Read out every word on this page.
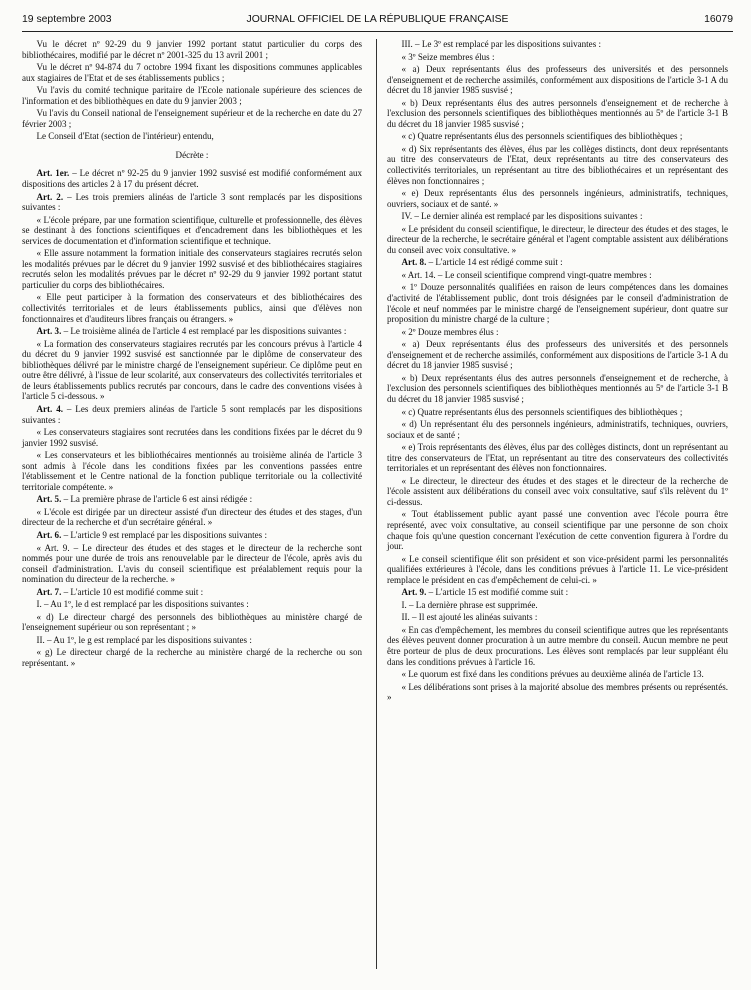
19 septembre 2003	JOURNAL OFFICIEL DE LA RÉPUBLIQUE FRANÇAISE	16079

Vu le décret nº 92-29 du 9 janvier 1992 portant statut particulier du corps des bibliothécaires, modifié par le décret nº 2001-325 du 13 avril 2001 ;

Vu le décret nº 94-874 du 7 octobre 1994 fixant les dispositions communes applicables aux stagiaires de l'Etat et de ses établissements publics ;

Vu l'avis du comité technique paritaire de l'Ecole nationale supérieure des sciences de l'information et des bibliothèques en date du 9 janvier 2003 ;

Vu l'avis du Conseil national de l'enseignement supérieur et de la recherche en date du 27 février 2003 ;

Le Conseil d'Etat (section de l'intérieur) entendu,

Décrète :

Art. 1er. – Le décret nº 92-25 du 9 janvier 1992 susvisé est modifié conformément aux dispositions des articles 2 à 17 du présent décret.

Art. 2. – Les trois premiers alinéas de l'article 3 sont remplacés par les dispositions suivantes :

« L'école prépare, par une formation scientifique, culturelle et professionnelle, des élèves se destinant à des fonctions scientifiques et d'encadrement dans les bibliothèques et les services de documentation et d'information scientifique et technique.

« Elle assure notamment la formation initiale des conservateurs stagiaires recrutés selon les modalités prévues par le décret du 9 janvier 1992 susvisé et des bibliothécaires stagiaires recrutés selon les modalités prévues par le décret nº 92-29 du 9 janvier 1992 portant statut particulier du corps des bibliothécaires.

« Elle peut participer à la formation des conservateurs et des bibliothécaires des collectivités territoriales et de leurs établissements publics, ainsi que d'élèves non fonctionnaires et d'auditeurs libres français ou étrangers. »

Art. 3. – Le troisième alinéa de l'article 4 est remplacé par les dispositions suivantes :

« La formation des conservateurs stagiaires recrutés par les concours prévus à l'article 4 du décret du 9 janvier 1992 susvisé est sanctionnée par le diplôme de conservateur des bibliothèques délivré par le ministre chargé de l'enseignement supérieur. Ce diplôme peut en outre être délivré, à l'issue de leur scolarité, aux conservateurs des collectivités territoriales et de leurs établissements publics recrutés par concours, dans le cadre des conventions visées à l'article 5 ci-dessous. »

Art. 4. – Les deux premiers alinéas de l'article 5 sont remplacés par les dispositions suivantes :

« Les conservateurs stagiaires sont recrutées dans les conditions fixées par le décret du 9 janvier 1992 susvisé.

« Les conservateurs et les bibliothécaires mentionnés au troisième alinéa de l'article 3 sont admis à l'école dans les conditions fixées par les conventions passées entre l'établissement et le Centre national de la fonction publique territoriale ou la collectivité territoriale compétente. »

Art. 5. – La première phrase de l'article 6 est ainsi rédigée :

« L'école est dirigée par un directeur assisté d'un directeur des études et des stages, d'un directeur de la recherche et d'un secrétaire général. »

Art. 6. – L'article 9 est remplacé par les dispositions suivantes :

« Art. 9. – Le directeur des études et des stages et le directeur de la recherche sont nommés pour une durée de trois ans renouvelable par le directeur de l'école, après avis du conseil d'administration. L'avis du conseil scientifique est préalablement requis pour la nomination du directeur de la recherche. »

Art. 7. – L'article 10 est modifié comme suit :

I. – Au 1º, le d est remplacé par les dispositions suivantes :

« d) Le directeur chargé des personnels des bibliothèques au ministère chargé de l'enseignement supérieur ou son représentant ; »

II. – Au 1º, le g est remplacé par les dispositions suivantes :

« g) Le directeur chargé de la recherche au ministère chargé de la recherche ou son représentant. »

III. – Le 3º est remplacé par les dispositions suivantes :

« 3º Seize membres élus :

« a) Deux représentants élus des professeurs des universités et des personnels d'enseignement et de recherche assimilés, conformément aux dispositions de l'article 3-1 A du décret du 18 janvier 1985 susvisé ;

« b) Deux représentants élus des autres personnels d'enseignement et de recherche à l'exclusion des personnels scientifiques des bibliothèques mentionnés au 5º de l'article 3-1 B du décret du 18 janvier 1985 susvisé ;

« c) Quatre représentants élus des personnels scientifiques des bibliothèques ;

« d) Six représentants des élèves, élus par les collèges distincts, dont deux représentants au titre des conservateurs de l'Etat, deux représentants au titre des conservateurs des collectivités territoriales, un représentant au titre des bibliothécaires et un représentant des élèves non fonctionnaires ;

« e) Deux représentants élus des personnels ingénieurs, administratifs, techniques, ouvriers, sociaux et de santé. »

IV. – Le dernier alinéa est remplacé par les dispositions suivantes :

« Le président du conseil scientifique, le directeur, le directeur des études et des stages, le directeur de la recherche, le secrétaire général et l'agent comptable assistent aux délibérations du conseil avec voix consultative. »

Art. 8. – L'article 14 est rédigé comme suit :

« Art. 14. – Le conseil scientifique comprend vingt-quatre membres :

« 1º Douze personnalités qualifiées en raison de leurs compétences dans les domaines d'activité de l'établissement public, dont trois désignées par le conseil d'administration de l'école et neuf nommées par le ministre chargé de l'enseignement supérieur, dont quatre sur proposition du ministre chargé de la culture ;

« 2º Douze membres élus :

« a) Deux représentants élus des professeurs des universités et des personnels d'enseignement et de recherche assimilés, conformément aux dispositions de l'article 3-1 A du décret du 18 janvier 1985 susvisé ;

« b) Deux représentants élus des autres personnels d'enseignement et de recherche, à l'exclusion des personnels scientifiques des bibliothèques mentionnés au 5º de l'article 3-1 B du décret du 18 janvier 1985 susvisé ;

« c) Quatre représentants élus des personnels scientifiques des bibliothèques ;

« d) Un représentant élu des personnels ingénieurs, administratifs, techniques, ouvriers, sociaux et de santé ;

« e) Trois représentants des élèves, élus par des collèges distincts, dont un représentant au titre des conservateurs de l'Etat, un représentant au titre des conservateurs des collectivités territoriales et un représentant des élèves non fonctionnaires.

« Le directeur, le directeur des études et des stages et le directeur de la recherche de l'école assistent aux délibérations du conseil avec voix consultative, sauf s'ils relèvent du 1º ci-dessus.

« Tout établissement public ayant passé une convention avec l'école pourra être représenté, avec voix consultative, au conseil scientifique par une personne de son choix chaque fois qu'une question concernant l'exécution de cette convention figurera à l'ordre du jour.

« Le conseil scientifique élit son président et son vice-président parmi les personnalités qualifiées extérieures à l'école, dans les conditions prévues à l'article 11. Le vice-président remplace le président en cas d'empêchement de celui-ci. »

Art. 9. – L'article 15 est modifié comme suit :

I. – La dernière phrase est supprimée.

II. – Il est ajouté les alinéas suivants :

« En cas d'empêchement, les membres du conseil scientifique autres que les représentants des élèves peuvent donner procuration à un autre membre du conseil. Aucun membre ne peut être porteur de plus de deux procurations. Les élèves sont remplacés par leur suppléant élu dans les conditions prévues à l'article 16.

« Le quorum est fixé dans les conditions prévues au deuxième alinéa de l'article 13.

« Les délibérations sont prises à la majorité absolue des membres présents ou représentés. »
